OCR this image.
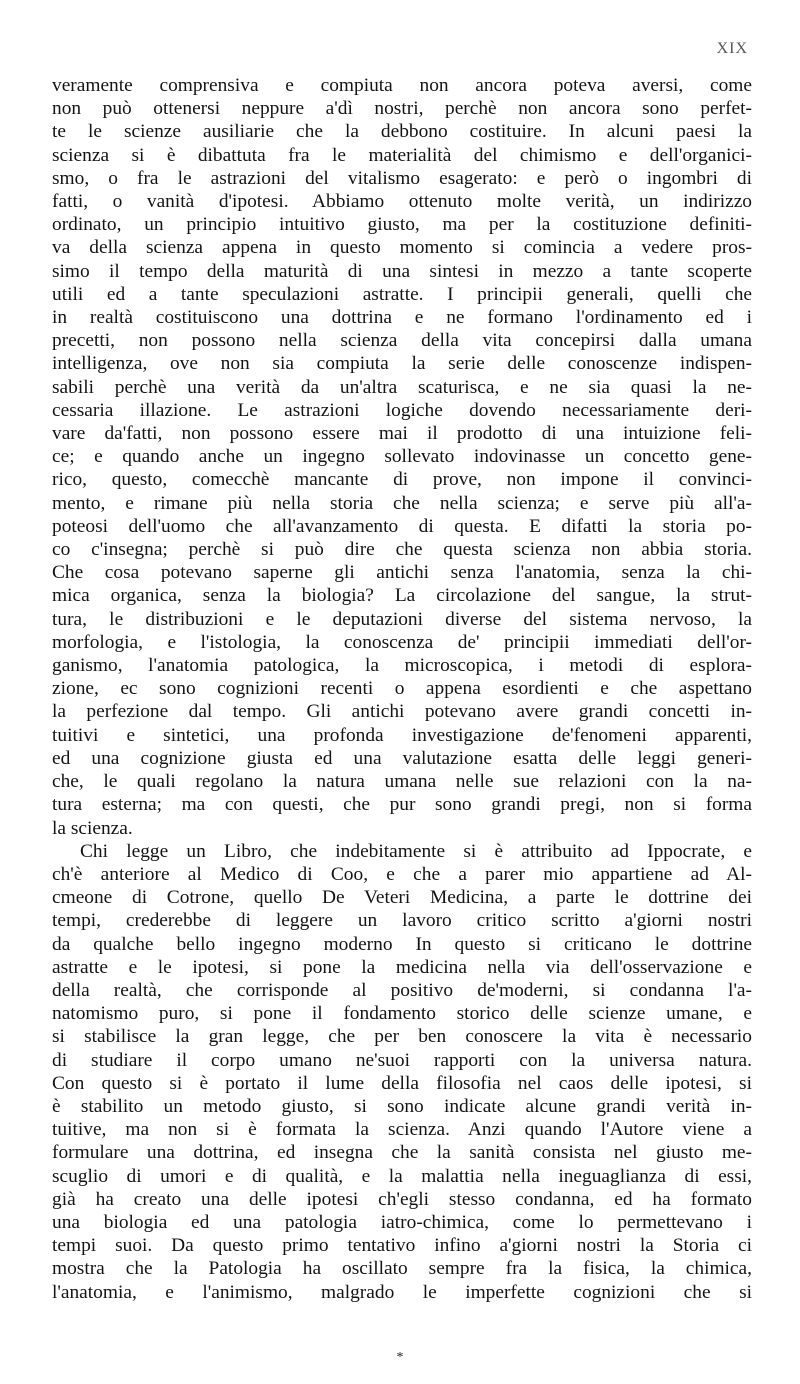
XIX
veramente comprensiva e compiuta non ancora poteva aversi, come
non può ottenersi neppure a'dì nostri, perchè non ancora sono perfet-
te le scienze ausiliarie che la debbono costituire. In alcuni paesi la
scienza si è dibattuta fra le materialità del chimismo e dell'organici-
smo, o fra le astrazioni del vitalismo esagerato: e però o ingombri di
fatti, o vanità d'ipotesi. Abbiamo ottenuto molte verità, un indirizzo
ordinato, un principio intuitivo giusto, ma per la costituzione definiti-
va della scienza appena in questo momento si comincia a vedere pros-
simo il tempo della maturità di una sintesi in mezzo a tante scoperte
utili ed a tante speculazioni astratte. I principii generali, quelli che
in realtà costituiscono una dottrina e ne formano l'ordinamento ed i
precetti, non possono nella scienza della vita concepirsi dalla umana
intelligenza, ove non sia compiuta la serie delle conoscenze indispen-
sabili perchè una verità da un'altra scaturisca, e ne sia quasi la ne-
cessaria illazione. Le astrazioni logiche dovendo necessariamente deri-
vare da'fatti, non possono essere mai il prodotto di una intuizione feli-
ce; e quando anche un ingegno sollevato indovinasse un concetto gene-
rico, questo, comecchè mancante di prove, non impone il convinci-
mento, e rimane più nella storia che nella scienza; e serve più all'a-
poteosi dell'uomo che all'avanzamento di questa. E difatti la storia po-
co c'insegna; perchè si può dire che questa scienza non abbia storia.
Che cosa potevano saperne gli antichi senza l'anatomia, senza la chi-
mica organica, senza la biologia? La circolazione del sangue, la strut-
tura, le distribuzioni e le deputazioni diverse del sistema nervoso, la
morfologia, e l'istologia, la conoscenza de' principii immediati dell'or-
ganismo, l'anatomia patologica, la microscopica, i metodi di esplora-
zione, ec sono cognizioni recenti o appena esordienti e che aspettano
la perfezione dal tempo. Gli antichi potevano avere grandi concetti in-
tuitivi e sintetici, una profonda investigazione de'fenomeni apparenti,
ed una cognizione giusta ed una valutazione esatta delle leggi generi-
che, le quali regolano la natura umana nelle sue relazioni con la na-
tura esterna; ma con questi, che pur sono grandi pregi, non si forma
la scienza.
Chi legge un Libro, che indebitamente si è attribuito ad Ippocrate, e
ch'è anteriore al Medico di Coo, e che a parer mio appartiene ad Al-
cmeone di Cotrone, quello De Veteri Medicina, a parte le dottrine dei
tempi, crederebbe di leggere un lavoro critico scritto a'giorni nostri
da qualche bello ingegno moderno In questo si criticano le dottrine
astratte e le ipotesi, si pone la medicina nella via dell'osservazione e
della realtà, che corrisponde al positivo de'moderni, si condanna l'a-
natomismo puro, si pone il fondamento storico delle scienze umane, e
si stabilisce la gran legge, che per ben conoscere la vita è necessario
di studiare il corpo umano ne'suoi rapporti con la universa natura.
Con questo si è portato il lume della filosofia nel caos delle ipotesi, si
è stabilito un metodo giusto, si sono indicate alcune grandi verità in-
tuitive, ma non si è formata la scienza. Anzi quando l'Autore viene a
formulare una dottrina, ed insegna che la sanità consista nel giusto me-
scuglio di umori e di qualità, e la malattia nella ineguaglianza di essi,
già ha creato una delle ipotesi ch'egli stesso condanna, ed ha formato
una biologia ed una patologia iatro-chimica, come lo permettevano i
tempi suoi. Da questo primo tentativo infino a'giorni nostri la Storia ci
mostra che la Patologia ha oscillato sempre fra la fisica, la chimica,
l'anatomia, e l'animismo, malgrado le imperfette cognizioni che si
*
